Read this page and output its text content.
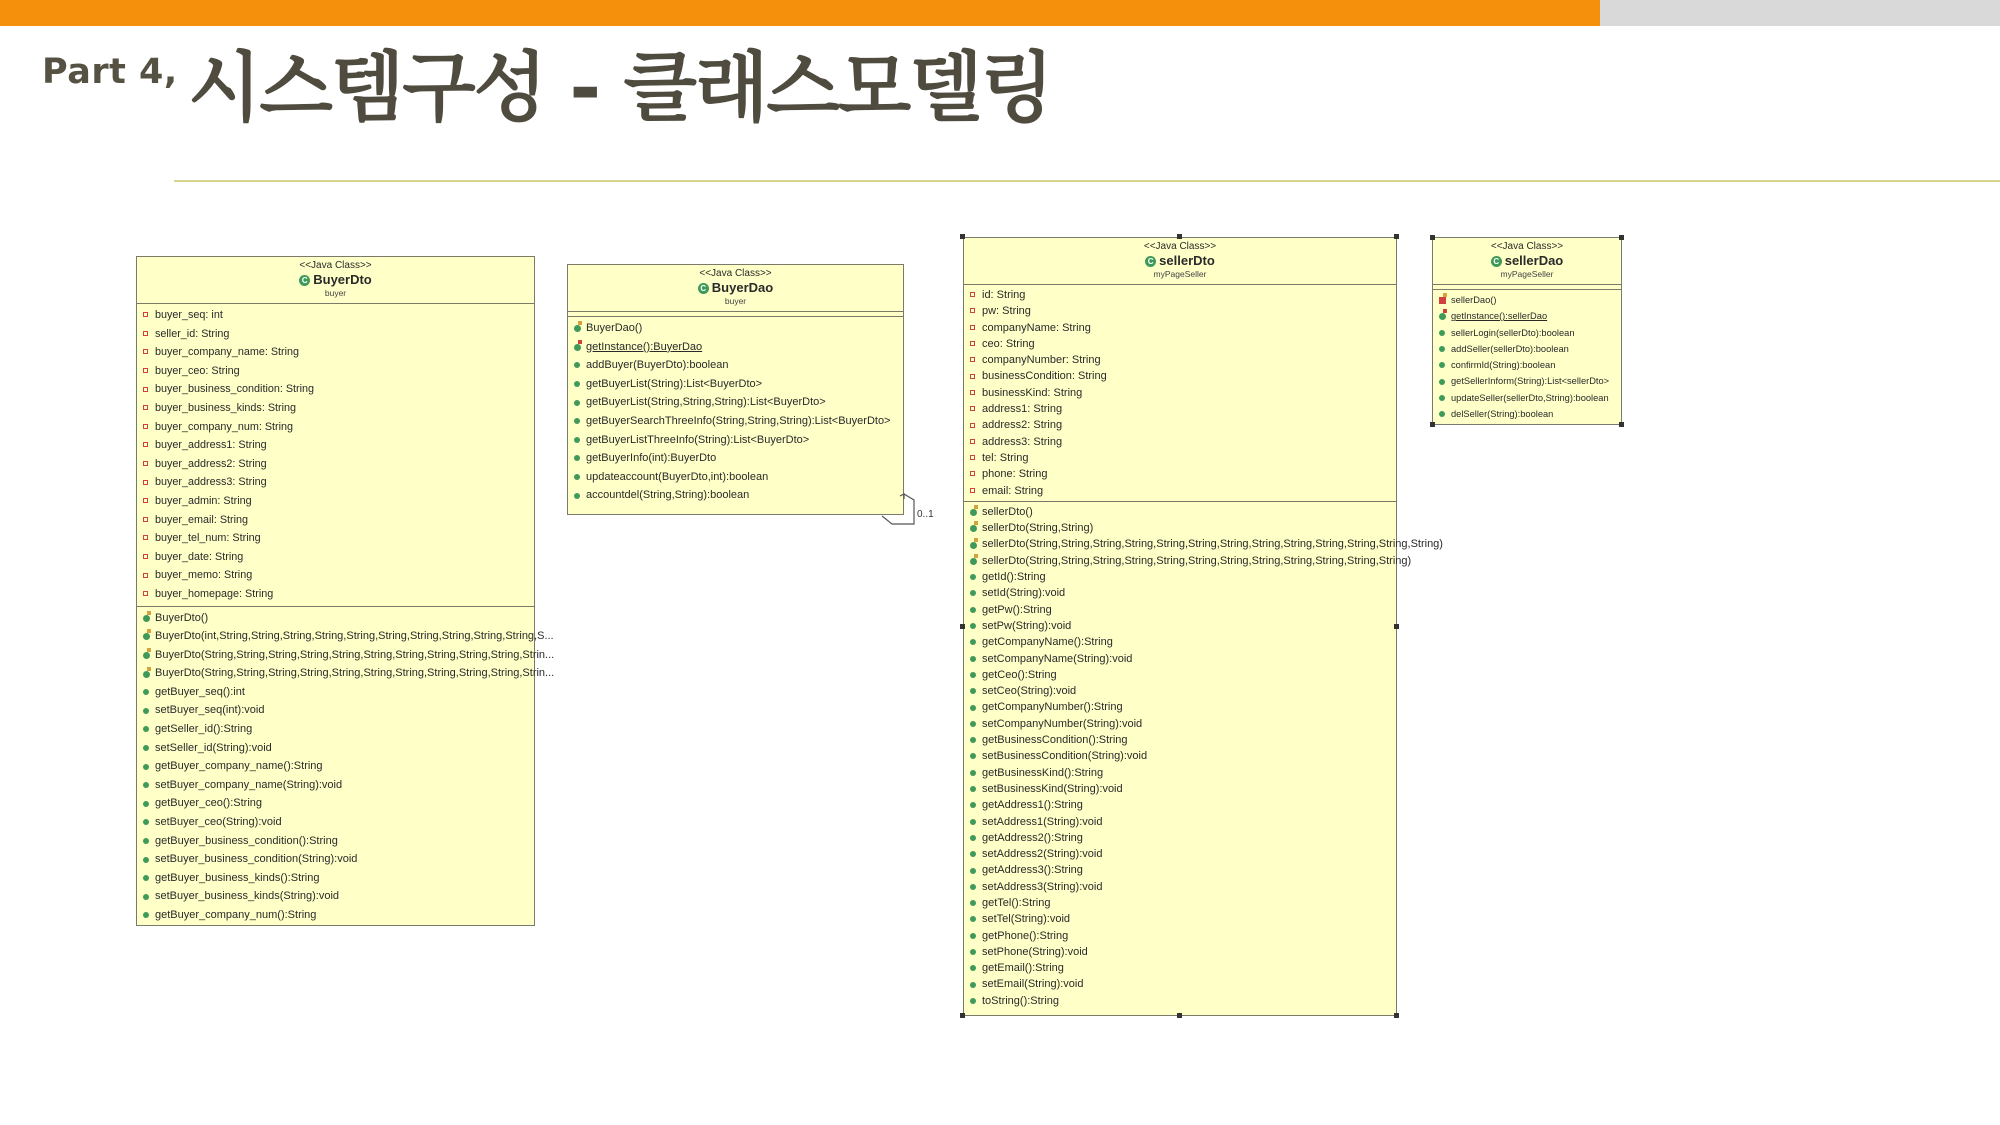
Part 4, 시스템구성 - 클래스모델링
<<Java Class>>
C BuyerDto
buyer
buyer_seq: int
seller_id: String
buyer_company_name: String
buyer_ceo: String
buyer_business_condition: String
buyer_business_kinds: String
buyer_company_num: String
buyer_address1: String
buyer_address2: String
buyer_address3: String
buyer_admin: String
buyer_email: String
buyer_tel_num: String
buyer_date: String
buyer_memo: String
buyer_homepage: String
BuyerDto()
BuyerDto(int,String,String,String,String,String,String,String,String,String,String,S...
BuyerDto(String,String,String,String,String,String,String,String,String,String,Strin...
BuyerDto(String,String,String,String,String,String,String,String,String,String,Strin...
getBuyer_seq():int
setBuyer_seq(int):void
getSeller_id():String
setSeller_id(String):void
getBuyer_company_name():String
setBuyer_company_name(String):void
getBuyer_ceo():String
setBuyer_ceo(String):void
getBuyer_business_condition():String
setBuyer_business_condition(String):void
getBuyer_business_kinds():String
setBuyer_business_kinds(String):void
getBuyer_company_num():String
<<Java Class>>
C BuyerDao
buyer
BuyerDao()
getInstance():BuyerDao
addBuyer(BuyerDto):boolean
getBuyerList(String):List<BuyerDto>
getBuyerList(String,String,String):List<BuyerDto>
getBuyerSearchThreeInfo(String,String,String):List<BuyerDto>
getBuyerListThreeInfo(String):List<BuyerDto>
getBuyerInfo(int):BuyerDto
updateaccount(BuyerDto,int):boolean
accountdel(String,String):boolean
0..1
<<Java Class>>
C sellerDto
myPageSeller
id: String
pw: String
companyName: String
ceo: String
companyNumber: String
businessCondition: String
businessKind: String
address1: String
address2: String
address3: String
tel: String
phone: String
email: String
sellerDto()
sellerDto(String,String)
sellerDto(String,String,String,String,String,String,String,String,String,String,String,String,String)
sellerDto(String,String,String,String,String,String,String,String,String,String,String,String)
getId():String
setId(String):void
getPw():String
setPw(String):void
getCompanyName():String
setCompanyName(String):void
getCeo():String
setCeo(String):void
getCompanyNumber():String
setCompanyNumber(String):void
getBusinessCondition():String
setBusinessCondition(String):void
getBusinessKind():String
setBusinessKind(String):void
getAddress1():String
setAddress1(String):void
getAddress2():String
setAddress2(String):void
getAddress3():String
setAddress3(String):void
getTel():String
setTel(String):void
getPhone():String
setPhone(String):void
getEmail():String
setEmail(String):void
toString():String
<<Java Class>>
C sellerDao
myPageSeller
sellerDao()
getInstance():sellerDao
sellerLogin(sellerDto):boolean
addSeller(sellerDto):boolean
confirmId(String):boolean
getSellerInform(String):List<sellerDto>
updateSeller(sellerDto,String):boolean
delSeller(String):boolean
